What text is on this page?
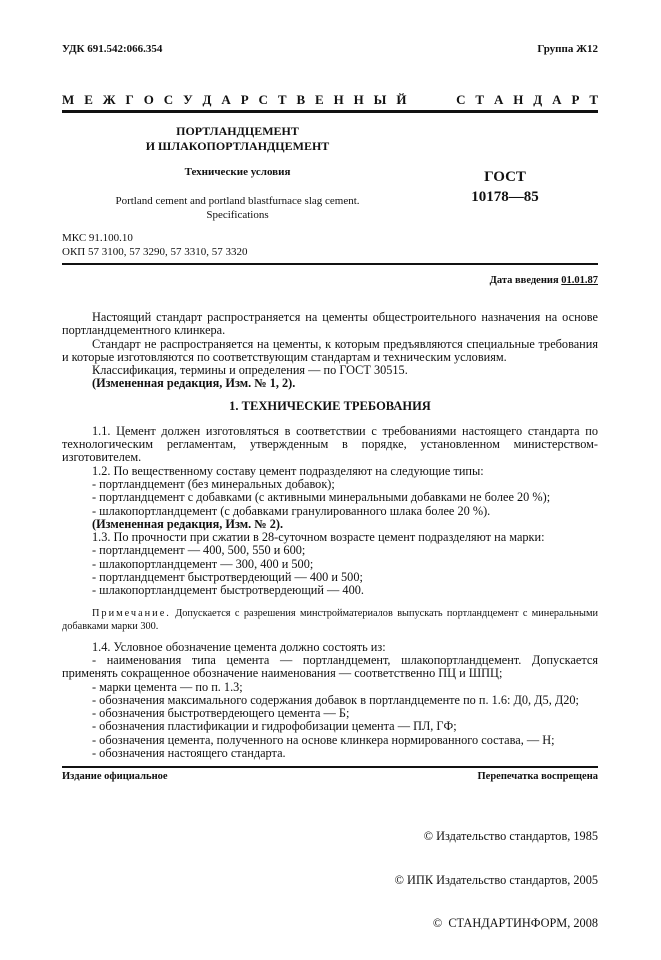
УДК 691.542:066.354	Группа Ж12
М Е Ж Г О С У Д А Р С Т В Е Н Н Ы Й     С Т А Н Д А Р Т
ПОРТЛАНДЦЕМЕНТ
И ШЛАКОПОРТЛАНДЦЕМЕНТ
Технические условия
Portland cement and portland blastfurnace slag cement.
Specifications
ГОСТ
10178—85
МКС 91.100.10
ОКП 57 3100, 57 3290, 57 3310, 57 3320
Дата введения 01.01.87

Настоящий стандарт распространяется на цементы общестроительного назначения на основе портландцементного клинкера.

Стандарт не распространяется на цементы, к которым предъявляются специальные требования и которые изготовляются по соответствующим стандартам и техническим условиям.

Классификация, термины и определения — по ГОСТ 30515.

(Измененная редакция, Изм. № 1, 2).

1. ТЕХНИЧЕСКИЕ ТРЕБОВАНИЯ

1.1. Цемент должен изготовляться в соответствии с требованиями настоящего стандарта по технологическим регламентам, утвержденным в порядке, установленном министерством-изготовителем.

1.2. По вещественному составу цемент подразделяют на следующие типы:

- портландцемент (без минеральных добавок);

- портландцемент с добавками (с активными минеральными добавками не более 20 %);

- шлакопортландцемент (с добавками гранулированного шлака более 20 %).

(Измененная редакция, Изм. № 2).

1.3. По прочности при сжатии в 28-суточном возрасте цемент подразделяют на марки:

- портландцемент — 400, 500, 550 и 600;

- шлакопортландцемент — 300, 400 и 500;

- портландцемент быстротвердеющий — 400 и 500;

- шлакопортландцемент быстротвердеющий — 400.

Примечание. Допускается с разрешения минстройматериалов выпускать портландцемент с минеральными добавками марки 300.

1.4. Условное обозначение цемента должно состоять из:

- наименования типа цемента — портландцемент, шлакопортландцемент. Допускается применять сокращенное обозначение наименования — соответственно ПЦ и ШПЦ;

- марки цемента — по п. 1.3;

- обозначения максимального содержания добавок в портландцементе по п. 1.6: Д0, Д5, Д20;

- обозначения быстротвердеющего цемента — Б;

- обозначения пластификации и гидрофобизации цемента — ПЛ, ГФ;

- обозначения цемента, полученного на основе клинкера нормированного состава, — Н;

- обозначения настоящего стандарта.

Издание официальное	Перепечатка воспрещена

© Издательство стандартов, 1985

© ИПК Издательство стандартов, 2005

©  СТАНДАРТИНФОРМ, 2008
